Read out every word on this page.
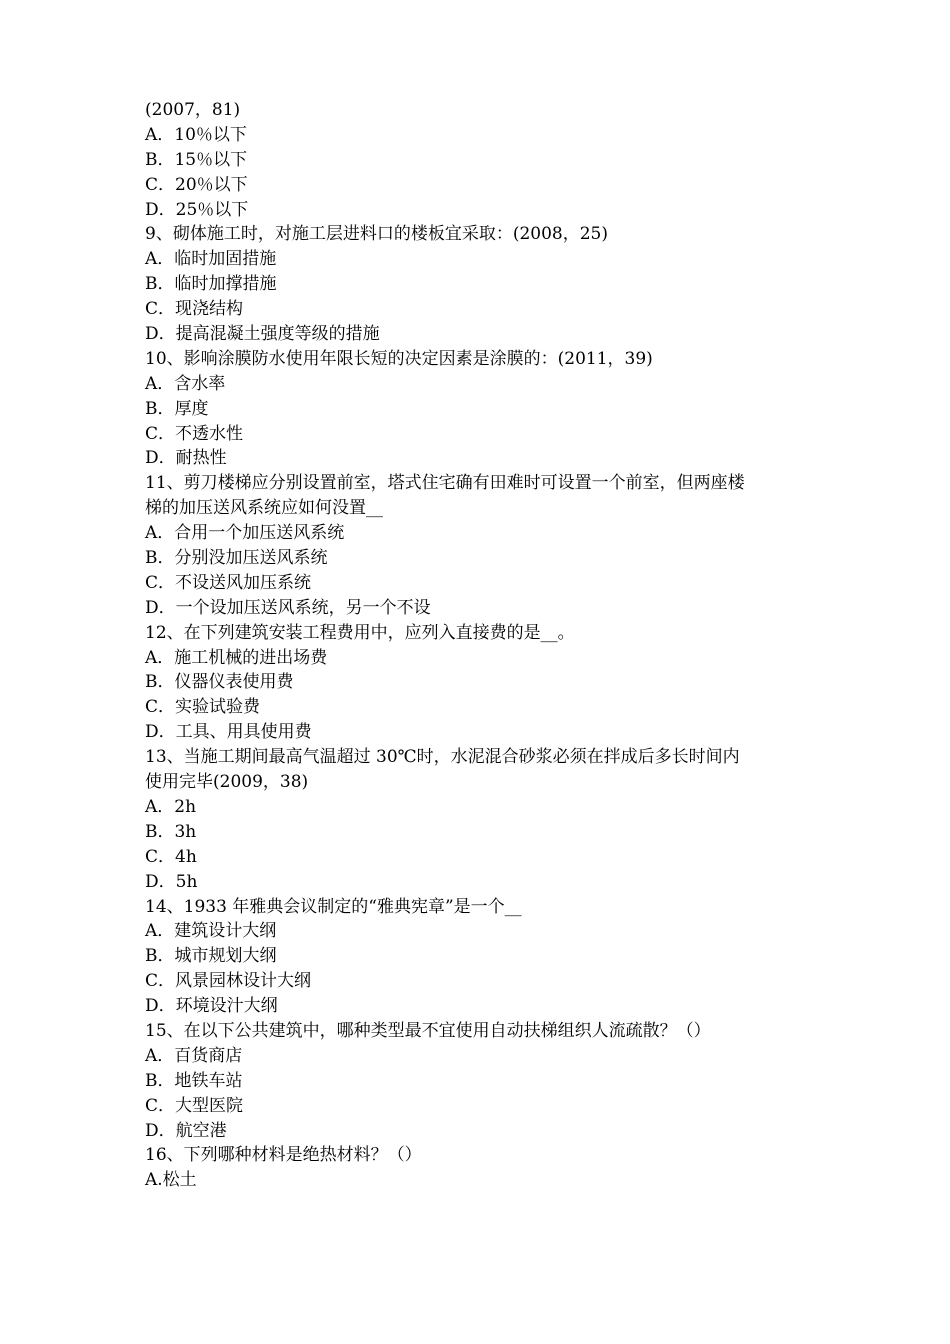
(2007，81)
A．10％以下
B．15％以下
C．20％以下
D．25％以下
9、砌体施工时，对施工层进料口的楼板宜采取：(2008，25)
A．临时加固措施
B．临时加撑措施
C．现浇结构
D．提高混凝土强度等级的措施
10、影响涂膜防水使用年限长短的决定因素是涂膜的：(2011，39)
A．含水率
B．厚度
C．不透水性
D．耐热性
11、剪刀楼梯应分别设置前室，塔式住宅确有田难时可设置一个前室，但两座楼
梯的加压送风系统应如何没置__
A．合用一个加压送风系统
B．分别没加压送风系统
C．不设送风加压系统
D．一个设加压送风系统，另一个不设
12、在下列建筑安装工程费用中，应列入直接费的是__。
A．施工机械的进出场费
B．仪器仪表使用费
C．实验试验费
D．工具、用具使用费
13、当施工期间最高气温超过 30℃时，水泥混合砂浆必须在拌成后多长时间内
使用完毕(2009，38)
A．2h
B．3h
C．4h
D．5h
14、1933 年雅典会议制定的“雅典宪章”是一个__
A．建筑设计大纲
B．城市规划大纲
C．风景园林设计大纲
D．环境设汁大纲
15、在以下公共建筑中，哪种类型最不宜使用自动扶梯组织人流疏散？（）
A．百货商店
B．地铁车站
C．大型医院
D．航空港
16、下列哪种材料是绝热材料？（）
A.松土
